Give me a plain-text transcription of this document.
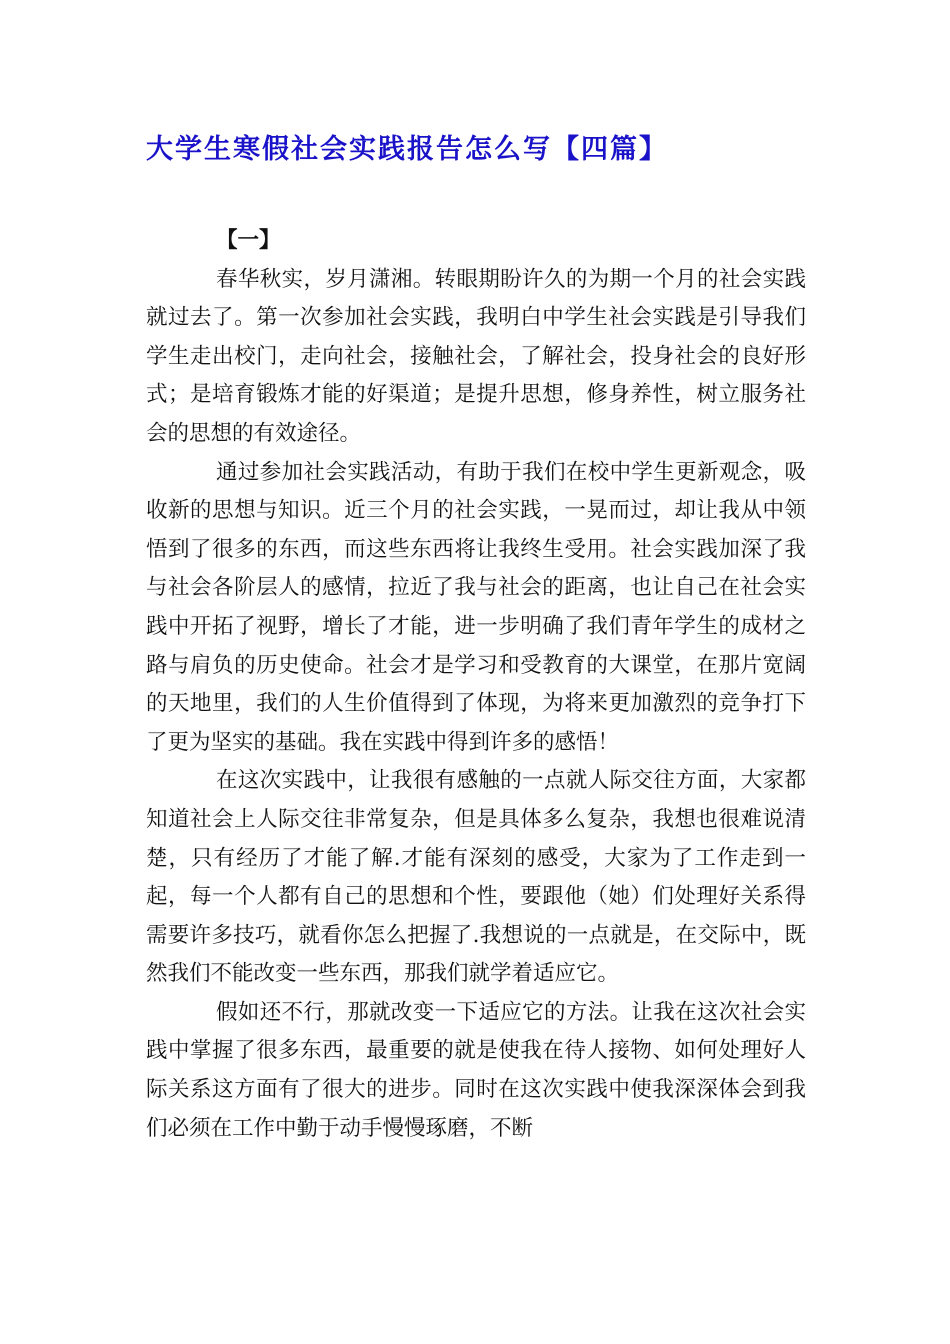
大学生寒假社会实践报告怎么写【四篇】

【一】

春华秋实，岁月潇湘。转眼期盼许久的为期一个月的社会实践就过去了。第一次参加社会实践，我明白中学生社会实践是引导我们学生走出校门，走向社会，接触社会，了解社会，投身社会的良好形式；是培育锻炼才能的好渠道；是提升思想，修身养性，树立服务社会的思想的有效途径。

通过参加社会实践活动，有助于我们在校中学生更新观念，吸收新的思想与知识。近三个月的社会实践，一晃而过，却让我从中领悟到了很多的东西，而这些东西将让我终生受用。社会实践加深了我与社会各阶层人的感情，拉近了我与社会的距离，也让自己在社会实践中开拓了视野，增长了才能，进一步明确了我们青年学生的成材之路与肩负的历史使命。社会才是学习和受教育的大课堂，在那片宽阔的天地里，我们的人生价值得到了体现，为将来更加激烈的竞争打下了更为坚实的基础。我在实践中得到许多的感悟！

在这次实践中，让我很有感触的一点就人际交往方面，大家都知道社会上人际交往非常复杂，但是具体多么复杂，我想也很难说清楚，只有经历了才能了解.才能有深刻的感受，大家为了工作走到一起，每一个人都有自己的思想和个性，要跟他（她）们处理好关系得需要许多技巧，就看你怎么把握了.我想说的一点就是，在交际中，既然我们不能改变一些东西，那我们就学着适应它。

假如还不行，那就改变一下适应它的方法。让我在这次社会实践中掌握了很多东西，最重要的就是使我在待人接物、如何处理好人际关系这方面有了很大的进步。同时在这次实践中使我深深体会到我们必须在工作中勤于动手慢慢琢磨，不断
